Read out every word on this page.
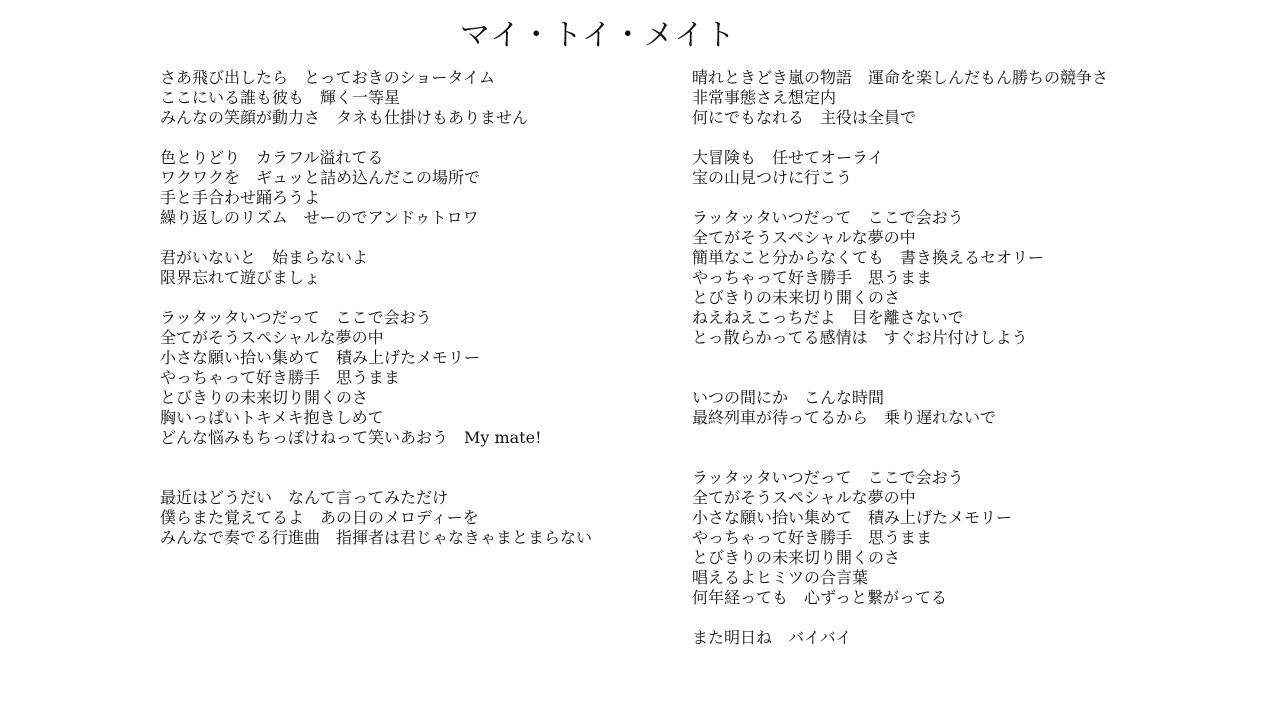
マイ・トイ・メイト
さあ飛び出したら　とっておきのショータイム
ここにいる誰も彼も　輝く一等星
みんなの笑顔が動力さ　タネも仕掛けもありません
色とりどり　カラフル溢れてる
ワクワクを　ギュッと詰め込んだこの場所で
手と手合わせ踊ろうよ
繰り返しのリズム　せーのでアンドゥトロワ
君がいないと　始まらないよ
限界忘れて遊びましょ
ラッタッタいつだって　ここで会おう
全てがそうスペシャルな夢の中
小さな願い拾い集めて　積み上げたメモリー
やっちゃって好き勝手　思うまま
とびきりの未来切り開くのさ
胸いっぱいトキメキ抱きしめて
どんな悩みもちっぽけねって笑いあおう　My mate!
最近はどうだい　なんて言ってみただけ
僕らまた覚えてるよ　あの日のメロディーを
みんなで奏でる行進曲　指揮者は君じゃなきゃまとまらない
晴れときどき嵐の物語　運命を楽しんだもん勝ちの競争さ
非常事態さえ想定内
何にでもなれる　主役は全員で
大冒険も　任せてオーライ
宝の山見つけに行こう
ラッタッタいつだって　ここで会おう
全てがそうスペシャルな夢の中
簡単なこと分からなくても　書き換えるセオリー
やっちゃって好き勝手　思うまま
とびきりの未来切り開くのさ
ねえねえこっちだよ　目を離さないで
とっ散らかってる感情は　すぐお片付けしよう
いつの間にか　こんな時間
最終列車が待ってるから　乗り遅れないで
ラッタッタいつだって　ここで会おう
全てがそうスペシャルな夢の中
小さな願い拾い集めて　積み上げたメモリー
やっちゃって好き勝手　思うまま
とびきりの未来切り開くのさ
唱えるよヒミツの合言葉
何年経っても　心ずっと繋がってる
また明日ね　バイバイ
